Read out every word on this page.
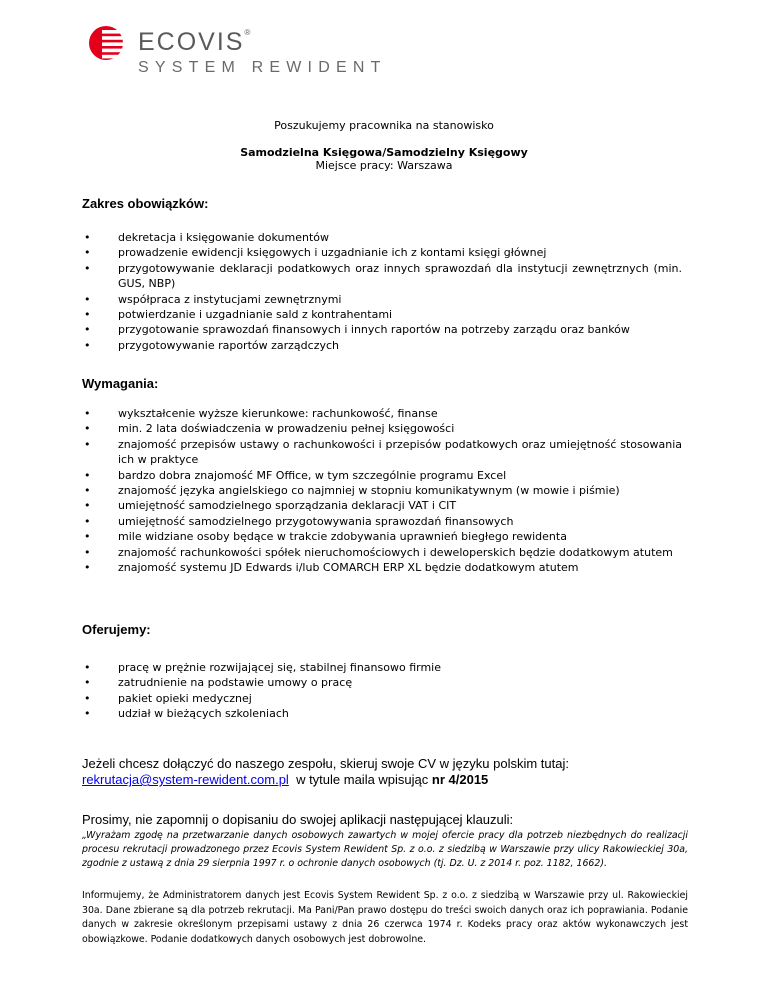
ECOVIS®
SYSTEM REWIDENT
Poszukujemy pracownika na stanowisko
Samodzielna Księgowa/Samodzielny Księgowy
Miejsce pracy: Warszawa
Zakres obowiązków:
• dekretacja i księgowanie dokumentów
• prowadzenie ewidencji księgowych i uzgadnianie ich z kontami księgi głównej
• przygotowywanie deklaracji podatkowych oraz innych sprawozdań dla instytucji zewnętrznych (min. GUS, NBP)
• współpraca z instytucjami zewnętrznymi
• potwierdzanie i uzgadnianie sald z kontrahentami
• przygotowanie sprawozdań finansowych i innych raportów na potrzeby zarządu oraz banków
• przygotowywanie raportów zarządczych
Wymagania:
• wykształcenie wyższe kierunkowe: rachunkowość, finanse
• min. 2 lata doświadczenia w prowadzeniu pełnej księgowości
• znajomość przepisów ustawy o rachunkowości i przepisów podatkowych oraz umiejętność stosowania ich w praktyce
• bardzo dobra znajomość MF Office, w tym szczególnie programu Excel
• znajomość języka angielskiego co najmniej w stopniu komunikatywnym (w mowie i piśmie)
• umiejętność samodzielnego sporządzania deklaracji VAT i CIT
• umiejętność samodzielnego przygotowywania sprawozdań finansowych
• mile widziane osoby będące w trakcie zdobywania uprawnień biegłego rewidenta
• znajomość rachunkowości spółek nieruchomościowych i deweloperskich będzie dodatkowym atutem
• znajomość systemu JD Edwards i/lub COMARCH ERP XL będzie dodatkowym atutem
Oferujemy:
• pracę w prężnie rozwijającej się, stabilnej finansowo firmie
• zatrudnienie na podstawie umowy o pracę
• pakiet opieki medycznej
• udział w bieżących szkoleniach
Jeżeli chcesz dołączyć do naszego zespołu, skieruj swoje CV w języku polskim tutaj:
rekrutacja@system-rewident.com.pl w tytule maila wpisując nr 4/2015
Prosimy, nie zapomnij o dopisaniu do swojej aplikacji następującej klauzuli:
„Wyrażam zgodę na przetwarzanie danych osobowych zawartych w mojej ofercie pracy dla potrzeb niezbędnych do realizacji procesu rekrutacji prowadzonego przez Ecovis System Rewident Sp. z o.o. z siedzibą w Warszawie przy ulicy Rakowieckiej 30a, zgodnie z ustawą z dnia 29 sierpnia 1997 r. o ochronie danych osobowych (tj. Dz. U. z 2014 r. poz. 1182, 1662).
Informujemy, że Administratorem danych jest Ecovis System Rewident Sp. z o.o. z siedzibą w Warszawie przy ul. Rakowieckiej 30a. Dane zbierane są dla potrzeb rekrutacji. Ma Pani/Pan prawo dostępu do treści swoich danych oraz ich poprawiania. Podanie danych w zakresie określonym przepisami ustawy z dnia 26 czerwca 1974 r. Kodeks pracy oraz aktów wykonawczych jest obowiązkowe. Podanie dodatkowych danych osobowych jest dobrowolne.
